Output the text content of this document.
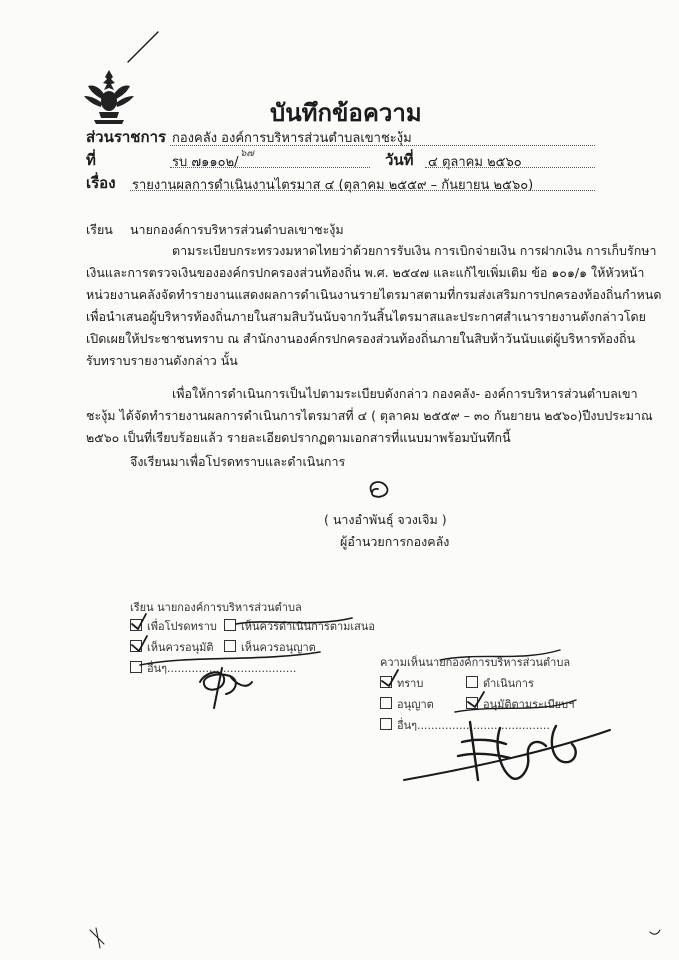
บันทึกข้อความ
ส่วนราชการ กองคลัง องค์การบริหารส่วนตำบลเขาชะงุ้ม
ที่	รบ ๗๑๑๐๒/
๖๗	วันที่ ๔ ตุลาคม ๒๕๖๐
เรื่อง รายงานผลการดำเนินงานไตรมาส ๔ (ตุลาคม ๒๕๕๙ – กันยายน ๒๕๖๐)
เรียน นายกองค์การบริหารส่วนตำบลเขาชะงุ้ม
ตามระเบียบกระทรวงมหาดไทยว่าด้วยการรับเงิน การเบิกจ่ายเงิน การฝากเงิน การเก็บรักษา
เงินและการตรวจเงินขององค์กรปกครองส่วนท้องถิ่น พ.ศ. ๒๕๔๗ และแก้ไขเพิ่มเติม ข้อ ๑๐๑/๑ ให้หัวหน้า
หน่วยงานคลังจัดทำรายงานแสดงผลการดำเนินงานรายไตรมาสตามที่กรมส่งเสริมการปกครองท้องถิ่นกำหนด
เพื่อนำเสนอผู้บริหารท้องถิ่นภายในสามสิบวันนับจากวันสิ้นไตรมาสและประกาศสำเนารายงานดังกล่าวโดย
เปิดเผยให้ประชาชนทราบ ณ สำนักงานองค์กรปกครองส่วนท้องถิ่นภายในสิบห้าวันนับแต่ผู้บริหารท้องถิ่น
รับทราบรายงานดังกล่าว นั้น
เพื่อให้การดำเนินการเป็นไปตามระเบียบดังกล่าว กองคลัง- องค์การบริหารส่วนตำบลเขา
ชะงุ้ม ได้จัดทำรายงานผลการดำเนินการไตรมาสที่ ๔ ( ตุลาคม ๒๕๕๙ – ๓๐ กันยายน ๒๕๖๐)ปีงบประมาณ
๒๕๖๐ เป็นที่เรียบร้อยแล้ว รายละเอียดปรากฏตามเอกสารที่แนบมาพร้อมบันทึกนี้
จึงเรียนมาเพื่อโปรดทราบและดำเนินการ
( นางอำพันธุ์ จวงเจิม )
ผู้อำนวยการกองคลัง
เรียน นายกองค์การบริหารส่วนตำบล
เพื่อโปรดทราบ	เห็นควรดำเนินการตามเสนอ
เห็นควรอนุมัติ	เห็นควรอนุญาต
อื่นๆ.....................................	ความเห็นนายกองค์การบริหารส่วนตำบล
ทราบ	ดำเนินการ
อนุญาต	อนุมัติตามระเบียบฯ
อื่นๆ......................................
